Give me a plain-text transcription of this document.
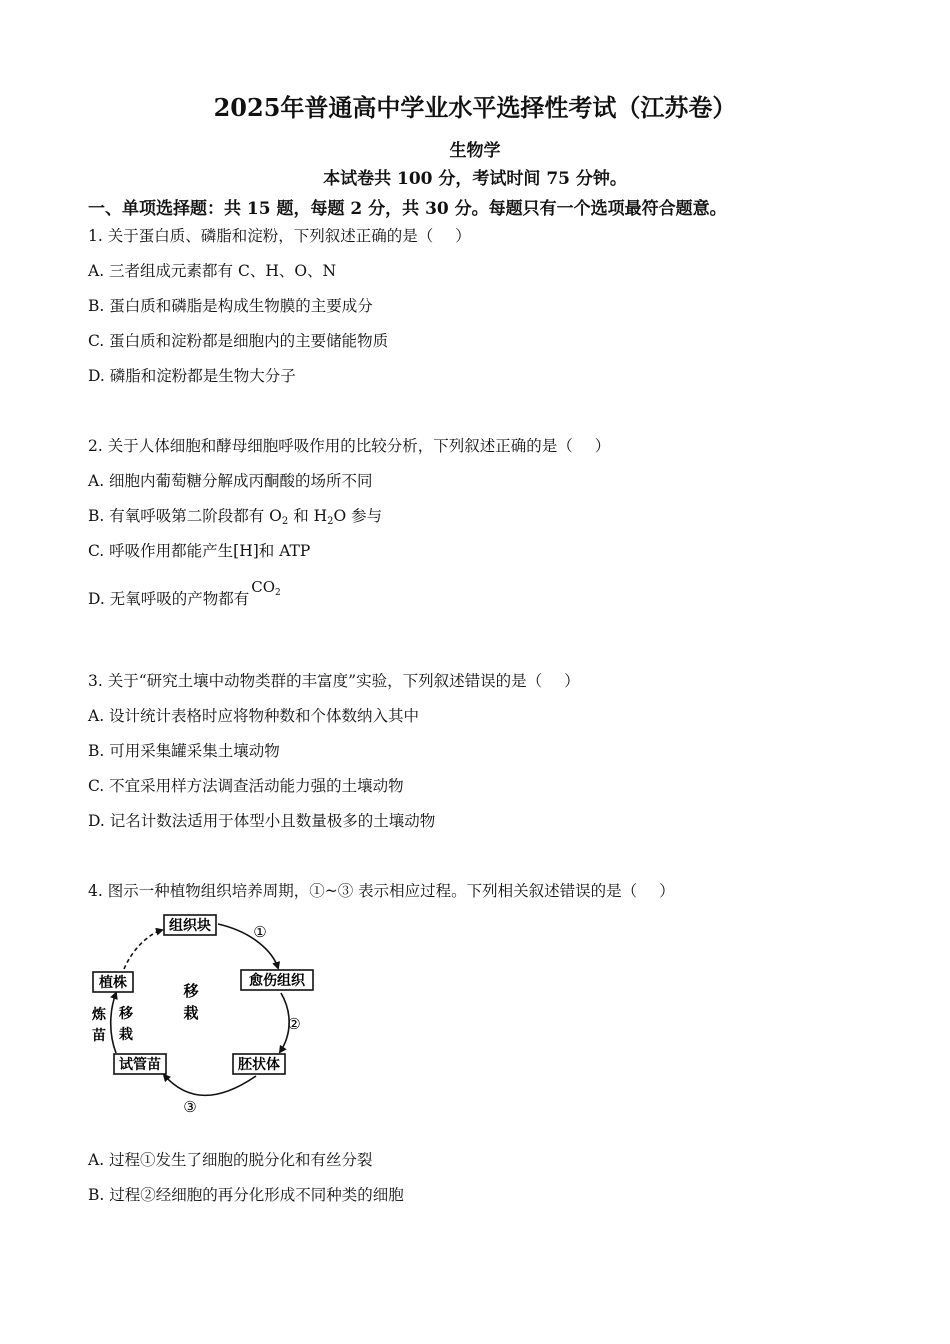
2025年普通高中学业水平选择性考试（江苏卷）
生物学
本试卷共 100 分，考试时间 75 分钟。
一、单项选择题：共 15 题，每题 2 分，共 30 分。每题只有一个选项最符合题意。
1. 关于蛋白质、磷脂和淀粉，下列叙述正确的是（ ）
A. 三者组成元素都有 C、H、O、N
B. 蛋白质和磷脂是构成生物膜的主要成分
C. 蛋白质和淀粉都是细胞内的主要储能物质
D. 磷脂和淀粉都是生物大分子
2. 关于人体细胞和酵母细胞呼吸作用的比较分析，下列叙述正确的是（ ）
A. 细胞内葡萄糖分解成丙酮酸的场所不同
B. 有氧呼吸第二阶段都有 $O_2$ 和 $H_2O$ 参与
C. 呼吸作用都能产生[H]和 ATP
D. 无氧呼吸的产物都有$CO_2$
3. 关于“研究土壤中动物类群的丰富度”实验，下列叙述错误的是（ ）
A. 设计统计表格时应将物种数和个体数纳入其中
B. 可用采集罐采集土壤动物
C. 不宜采用样方法调查活动能力强的土壤动物
D. 记名计数法适用于体型小且数量极多的土壤动物
4. 图示一种植物组织培养周期，①~③ 表示相应过程。下列相关叙述错误的是（ ）
组织块
愈伤组织
胚状体
试管苗
植株
①
②
③
移
栽
炼
苗
移
栽
A. 过程①发生了细胞的脱分化和有丝分裂
B. 过程②经细胞的再分化形成不同种类的细胞
